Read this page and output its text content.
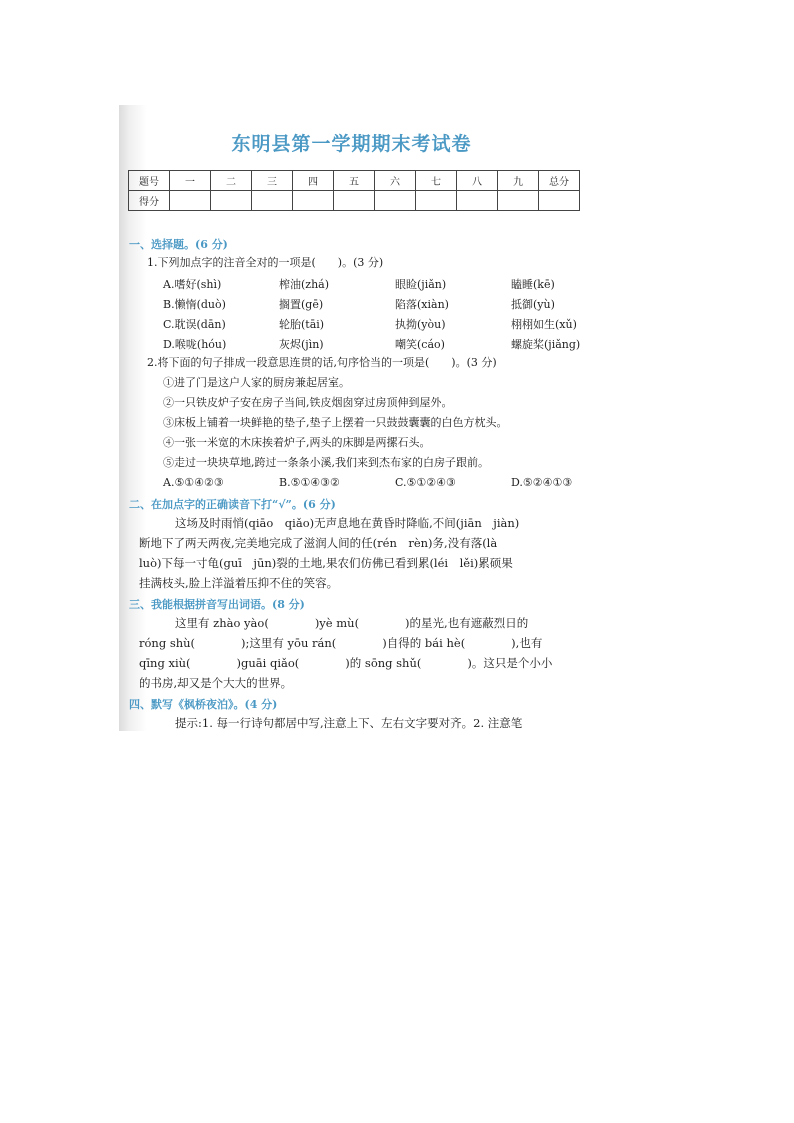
东明县第一学期期末考试卷
题号	一	二	三	四	五	六	七	八	九	总分
得分										
一、选择题。(6 分)
1.下列加点字的注音全对的一项是(　　)。(3 分)
A.嗜好(shì)	榨油(zhá)	眼睑(jiǎn)	瞌睡(kē)
B.懒惰(duò)	搁置(gē)	陷落(xiàn)	抵御(yù)
C.耽误(dān)	轮胎(tāi)	执拗(yòu)	栩栩如生(xǔ)
D.喉咙(hóu)	灰烬(jìn)	嘲笑(cáo)	螺旋桨(jiǎng)
2.将下面的句子排成一段意思连贯的话,句序恰当的一项是(　　)。(3 分)
①进了门是这户人家的厨房兼起居室。
②一只铁皮炉子安在房子当间,铁皮烟囱穿过房顶伸到屋外。
③床板上铺着一块鲜艳的垫子,垫子上摆着一只鼓鼓囊囊的白色方枕头。
④一张一米宽的木床挨着炉子,两头的床脚是两摞石头。
⑤走过一块块草地,跨过一条条小溪,我们来到杰布家的白房子跟前。
A.⑤①④②③	B.⑤①④③②	C.⑤①②④③	D.⑤②④①③
二、在加点字的正确读音下打“√”。(6 分)
这场及时雨悄(qiāo　qiǎo)无声息地在黄昏时降临,不间(jiān　jiàn)
断地下了两天两夜,完美地完成了滋润人间的任(rén　rèn)务,没有落(là
luò)下每一寸龟(guī　jūn)裂的土地,果农们仿佛已看到累(léi　lěi)累硕果
挂满枝头,脸上洋溢着压抑不住的笑容。
三、我能根据拼音写出词语。(8 分)
这里有 zhào yào(　　　　)yè mù(　　　　)的星光,也有遮蔽烈日的
róng shù(　　　　);这里有 yōu rán(　　　　)自得的 bái hè(　　　　),也有
qīng xiù(　　　　)guāi qiǎo(　　　　)的 sōng shǔ(　　　　)。这只是个小小
的书房,却又是个大大的世界。
四、默写《枫桥夜泊》。(4 分)
提示:1. 每一行诗句都居中写,注意上下、左右文字要对齐。2. 注意笔
